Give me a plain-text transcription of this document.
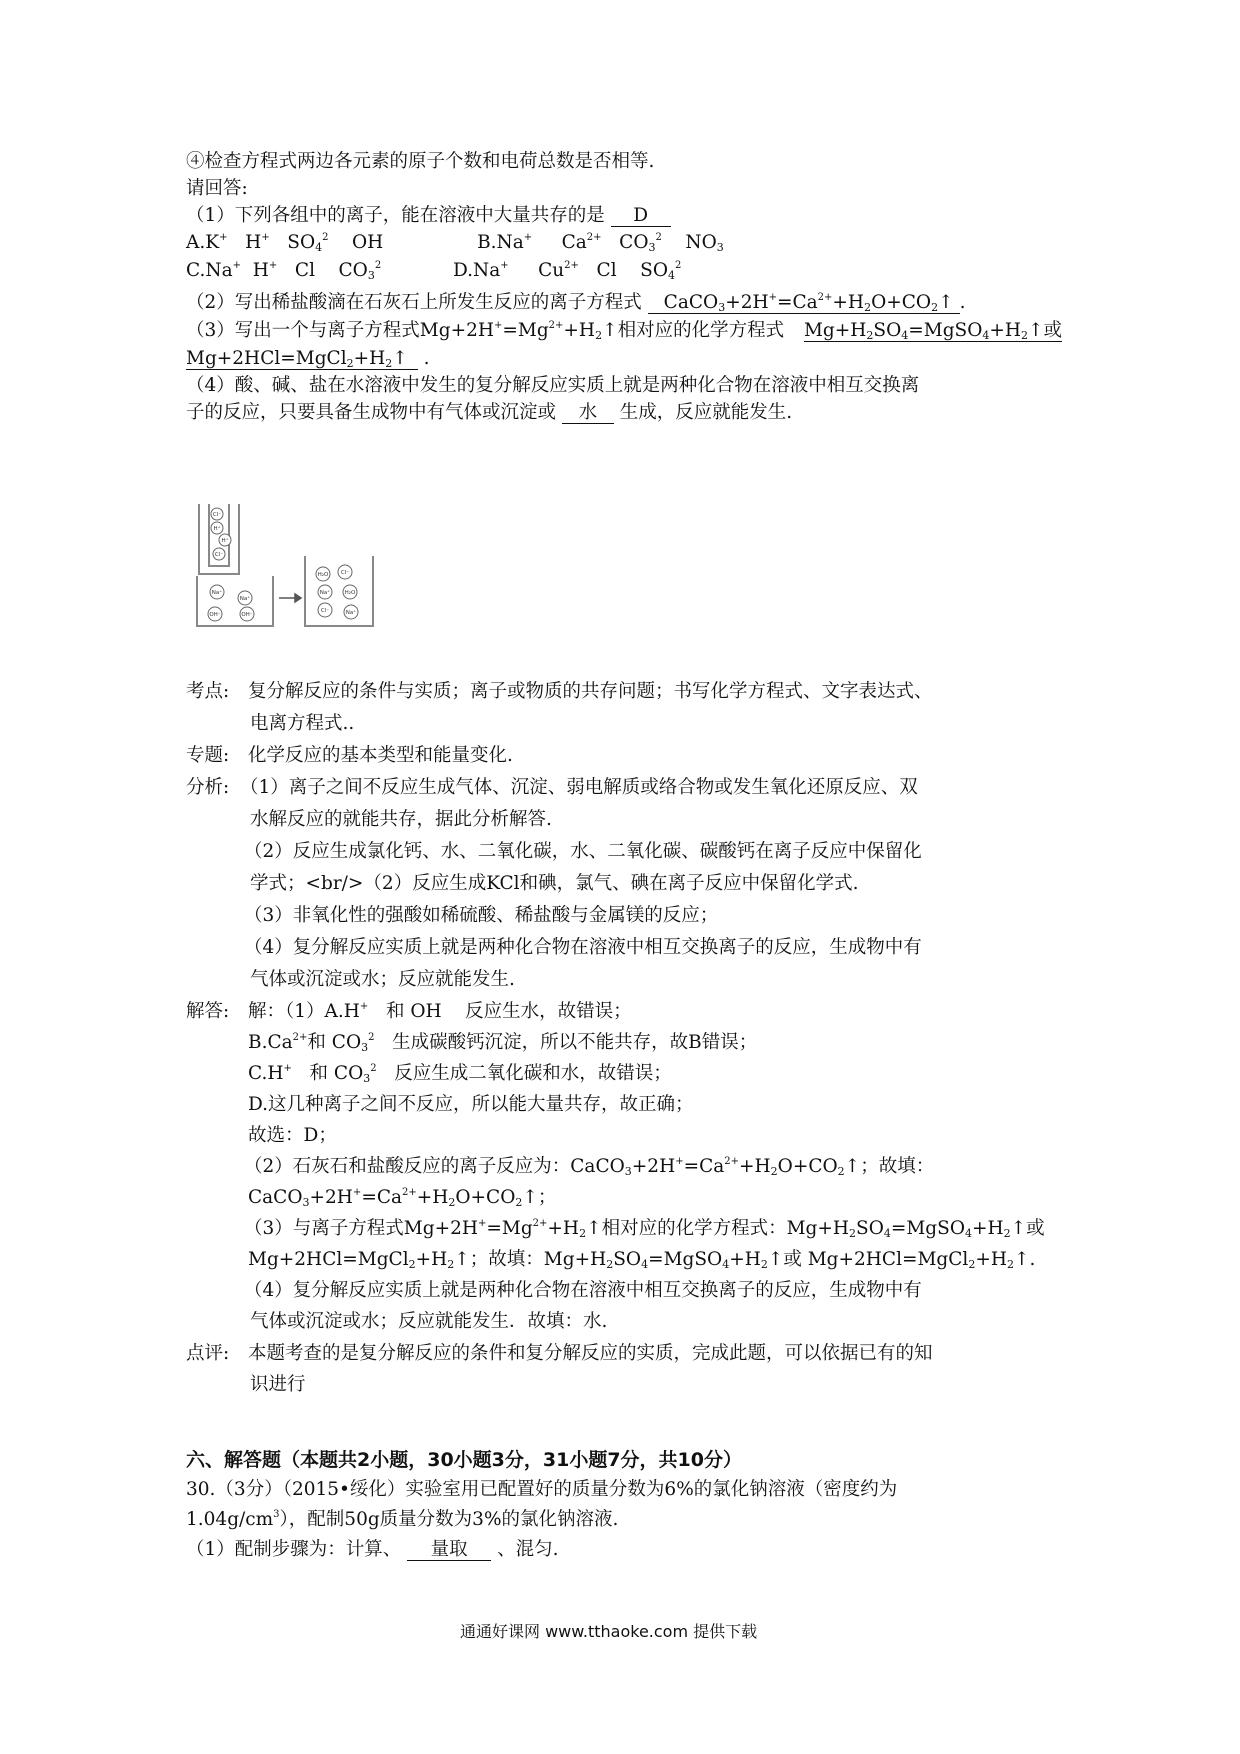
④检查方程式两边各元素的原子个数和电荷总数是否相等.
请回答:
（1）下列各组中的离子，能在溶液中大量共存的是 D
A.K+   H+   $SO_4^2$    OH	B.Na+     $Ca^{2+}$   $CO_3^2$    $NO_3$
C.Na+  H+   Cl    $CO_3^2$	D.Na+     $Cu^{2+}$   Cl    $SO_4^2$
（2）写出稀盐酸滴在石灰石上所发生反应的离子方程式 $CaCO_3+2H^+=Ca^{2+}+H_2O+CO_2↑$ .
（3）写出一个与离子方程式$Mg+2H^+=Mg^{2+}+H_2↑$相对应的化学方程式 $Mg+H_2SO_4=MgSO_4+H_2↑$或
$Mg+2HCl=MgCl_2+H_2↑$ .
（4）酸、碱、盐在水溶液中发生的复分解反应实质上就是两种化合物在溶液中相互交换离
子的反应，只要具备生成物中有气体或沉淀或 水 生成，反应就能发生.
Cl⁻
H⁺
H⁺
Cl⁻
Na⁺
Na⁺
OH⁻	OH⁻
H₂O Cl⁻
Na⁺
Cl⁻
H₂O
Na⁺
考点: 复分解反应的条件与实质；离子或物质的共存问题；书写化学方程式、文字表达式、
电离方程式..
专题: 化学反应的基本类型和能量变化.
分析: （1）离子之间不反应生成气体、沉淀、弱电解质或络合物或发生氧化还原反应、双
水解反应的就能共存，据此分析解答.
（2）反应生成氯化钙、水、二氧化碳，水、二氧化碳、碳酸钙在离子反应中保留化
学式；<br/>（2）反应生成KCl和碘，氯气、碘在离子反应中保留化学式.
（3）非氧化性的强酸如稀硫酸、稀盐酸与金属镁的反应；
（4）复分解反应实质上就是两种化合物在溶液中相互交换离子的反应，生成物中有
气体或沉淀或水；反应就能发生.
解答: 解：（1）A.H+   和 OH    反应生水，故错误；
$B.Ca^{2+}$和 $CO_3^2$ 生成碳酸钙沉淀，所以不能共存，故B错误；
C.H+   和 $CO_3^2$ 反应生成二氧化碳和水，故错误；
D.这几种离子之间不反应，所以能大量共存，故正确；
故选：D；
（2）石灰石和盐酸反应的离子反应为：$CaCO_3+2H^+=Ca^{2+}+H_2O+CO_2↑$；故填：
$CaCO_3+2H^+=Ca^{2+}+H_2O+CO_2↑$；
（3）与离子方程式$Mg+2H^+=Mg^{2+}+H_2↑$相对应的化学方程式：$Mg+H_2SO_4=MgSO_4+H_2↑$或
$Mg+2HCl=MgCl_2+H_2↑$；故填：$Mg+H_2SO_4=MgSO_4+H_2↑$或 $Mg+2HCl=MgCl_2+H_2↑$.
（4）复分解反应实质上就是两种化合物在溶液中相互交换离子的反应，生成物中有
气体或沉淀或水；反应就能发生．故填：水.
点评: 本题考查的是复分解反应的条件和复分解反应的实质，完成此题，可以依据已有的知
识进行
六、解答题（本题共2小题，30小题3分，31小题7分，共10分）
30.（3分）（2015•绥化）实验室用已配置好的质量分数为6%的氯化钠溶液（密度约为
$1.04g/cm^3$），配制50g质量分数为3%的氯化钠溶液.
（1）配制步骤为：计算、 量取 、混匀.
通通好课网 www.tthaoke.com 提供下载
